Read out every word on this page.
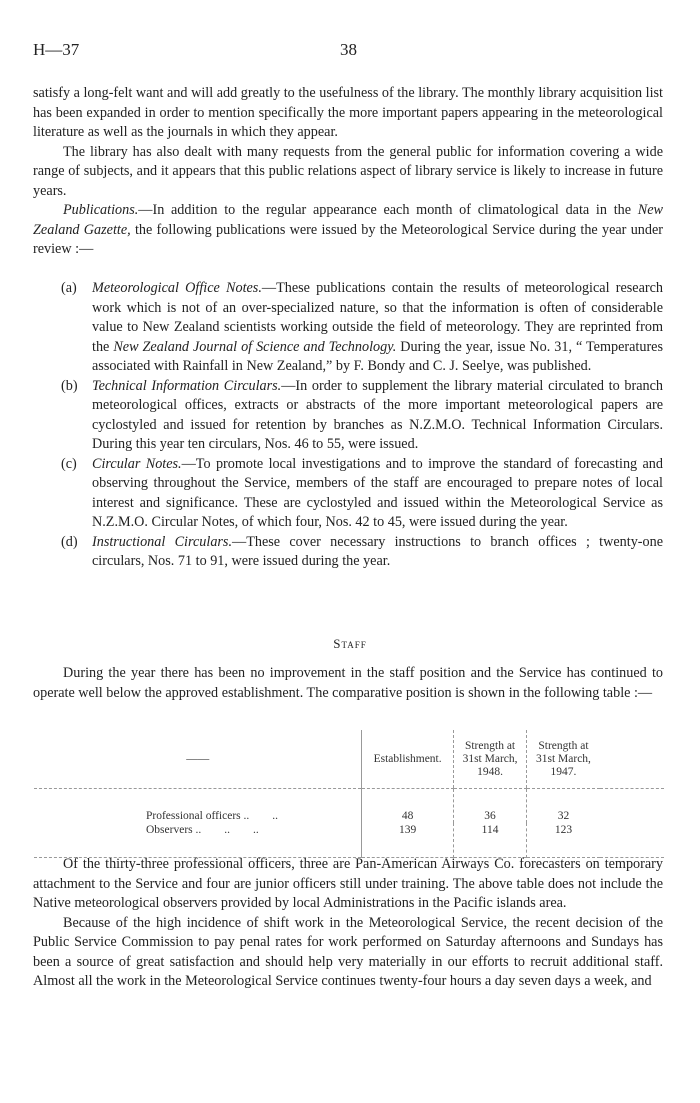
H—37	38

satisfy a long-felt want and will add greatly to the usefulness of the library. The monthly library acquisition list has been expanded in order to mention specifically the more important papers appearing in the meteorological literature as well as the journals in which they appear.

The library has also dealt with many requests from the general public for information covering a wide range of subjects, and it appears that this public relations aspect of library service is likely to increase in future years.

Publications.—In addition to the regular appearance each month of climatological data in the New Zealand Gazette, the following publications were issued by the Meteorological Service during the year under review :—

(a) Meteorological Office Notes.—These publications contain the results of meteorological research work which is not of an over-specialized nature, so that the information is often of considerable value to New Zealand scientists working outside the field of meteorology. They are reprinted from the New Zealand Journal of Science and Technology. During the year, issue No. 31, “ Temperatures associated with Rainfall in New Zealand,” by F. Bondy and C. J. Seelye, was published.

(b) Technical Information Circulars.—In order to supplement the library material circulated to branch meteorological offices, extracts or abstracts of the more important meteorological papers are cyclostyled and issued for retention by branches as N.Z.M.O. Technical Information Circulars. During this year ten circulars, Nos. 46 to 55, were issued.

(c) Circular Notes.—To promote local investigations and to improve the standard of forecasting and observing throughout the Service, members of the staff are encouraged to prepare notes of local interest and significance. These are cyclostyled and issued within the Meteorological Service as N.Z.M.O. Circular Notes, of which four, Nos. 42 to 45, were issued during the year.

(d) Instructional Circulars.—These cover necessary instructions to branch offices ; twenty-one circulars, Nos. 71 to 91, were issued during the year.

Staff

During the year there has been no improvement in the staff position and the Service has continued to operate well below the approved establishment. The comparative position is shown in the following table :—

——	Establishment.	Strength at 31st March, 1948.	Strength at 31st March, 1947.	
Professional officers ..        ..	48	36	32	
Observers ..        ..        ..	139	114	123	

Of the thirty-three professional officers, three are Pan-American Airways Co. forecasters on temporary attachment to the Service and four are junior officers still under training. The above table does not include the Native meteorological observers provided by local Administrations in the Pacific islands area.

Because of the high incidence of shift work in the Meteorological Service, the recent decision of the Public Service Commission to pay penal rates for work performed on Saturday afternoons and Sundays has been a source of great satisfaction and should help very materially in our efforts to recruit additional staff. Almost all the work in the Meteorological Service continues twenty-four hours a day seven days a week, and
